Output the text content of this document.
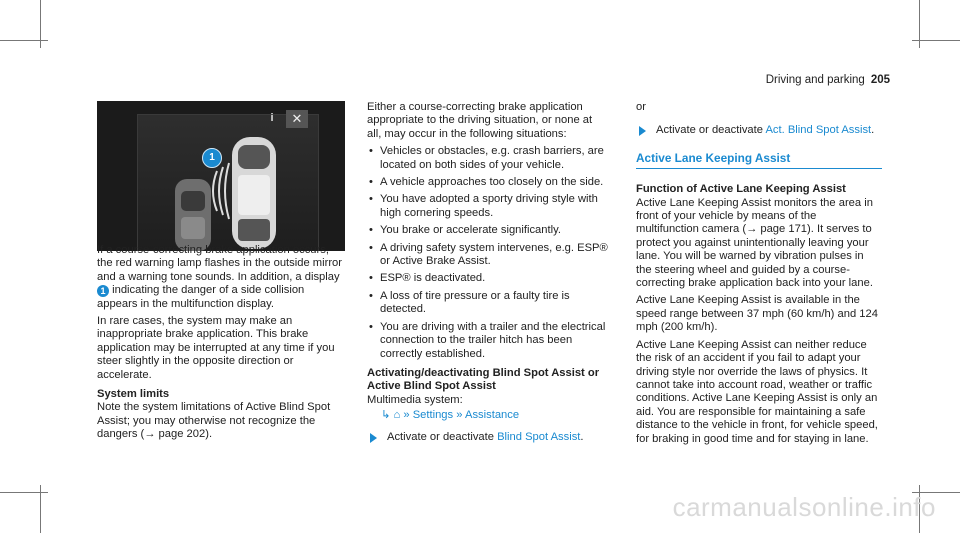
Driving and parking 205
1
i	✕

If a course-correcting brake application occurs, the red warning lamp flashes in the outside mirror and a warning tone sounds. In addition, a display 1 indicating the danger of a side collision appears in the multifunction display.

In rare cases, the system may make an inappropriate brake application. This brake application may be interrupted at any time if you steer slightly in the opposite direction or accelerate.

System limits

Note the system limitations of Active Blind Spot Assist; you may otherwise not recognize the dangers (→ page 202).

Either a course-correcting brake application appropriate to the driving situation, or none at all, may occur in the following situations:

• Vehicles or obstacles, e.g. crash barriers, are located on both sides of your vehicle.
• A vehicle approaches too closely on the side.
• You have adopted a sporty driving style with high cornering speeds.
• You brake or accelerate significantly.
• A driving safety system intervenes, e.g. ESP® or Active Brake Assist.
• ESP® is deactivated.
• A loss of tire pressure or a faulty tire is detected.
• You are driving with a trailer and the electrical connection to the trailer hitch has been correctly established.

Activating/deactivating Blind Spot Assist or Active Blind Spot Assist

Multimedia system:

↳ ⌂ » Settings » Assistance
Activate or deactivate Blind Spot Assist.

or

Activate or deactivate Act. Blind Spot Assist.
Active Lane Keeping Assist

Function of Active Lane Keeping Assist

Active Lane Keeping Assist monitors the area in front of your vehicle by means of the multifunction camera (→ page 171). It serves to protect you against unintentionally leaving your lane. You will be warned by vibration pulses in the steering wheel and guided by a course-correcting brake application back into your lane.

Active Lane Keeping Assist is available in the speed range between 37 mph (60 km/h) and 124 mph (200 km/h).

Active Lane Keeping Assist can neither reduce the risk of an accident if you fail to adapt your driving style nor override the laws of physics. It cannot take into account road, weather or traffic conditions. Active Lane Keeping Assist is only an aid. You are responsible for maintaining a safe distance to the vehicle in front, for vehicle speed, for braking in good time and for staying in lane.

carmanualsonline.info
